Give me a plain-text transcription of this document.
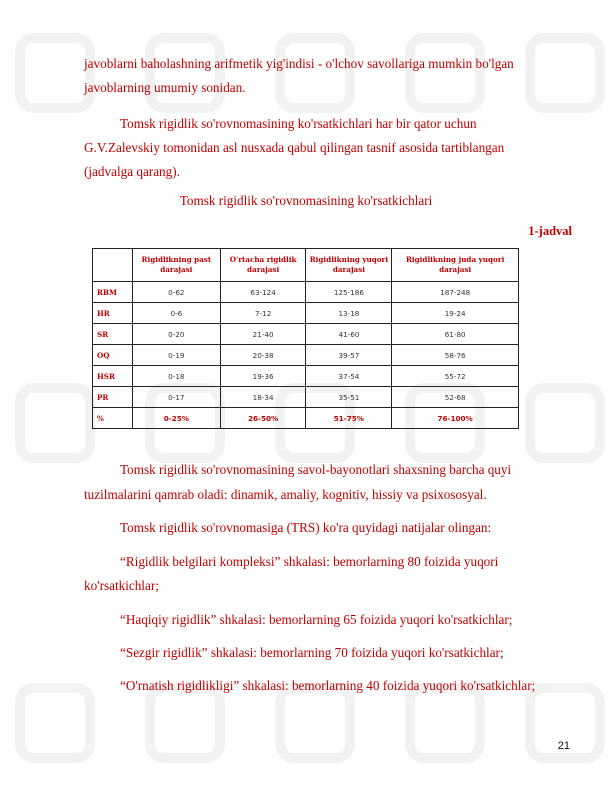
javoblarni baholashning arifmetik yig'indisi - o'lchov savollariga mumkin bo'lgan
javoblarning umumiy sonidan.
Tomsk rigidlik so'rovnomasining ko'rsatkichlari har bir qator uchun
G.V.Zalevskiy tomonidan asl nusxada qabul qilingan tasnif asosida tartiblangan
(jadvalga qarang).
Tomsk rigidlik so'rovnomasining ko'rsatkichlari
1-jadval
	Rigidlikning past darajasi	O'rtacha rigidlik darajasi	Rigidlikning yuqori darajasi	Rigidlikning juda yuqori darajasi
RBM	0-62	63-124	125-186	187-248
HR	0-6	7-12	13-18	19-24
SR	0-20	21-40	41-60	61-80
OQ	0-19	20-38	39-57	58-76
HSR	0-18	19-36	37-54	55-72
PR	0-17	18-34	35-51	52-68
%	0-25%	26-50%	51-75%	76-100%
Tomsk rigidlik so'rovnomasining savol-bayonotlari shaxsning barcha quyi
tuzilmalarini qamrab oladi: dinamik, amaliy, kognitiv, hissiy va psixososyal.
Tomsk rigidlik so'rovnomasiga (TRS) ko'ra quyidagi natijalar olingan:
“Rigidlik belgilari kompleksi” shkalasi: bemorlarning 80 foizida yuqori
ko'rsatkichlar;
“Haqiqiy rigidlik” shkalasi: bemorlarning 65 foizida yuqori ko'rsatkichlar;
“Sezgir rigidlik” shkalasi: bemorlarning 70 foizida yuqori ko'rsatkichlar;
“O'rnatish rigidlikligi” shkalasi: bemorlarning 40 foizida yuqori ko'rsatkichlar;
21
